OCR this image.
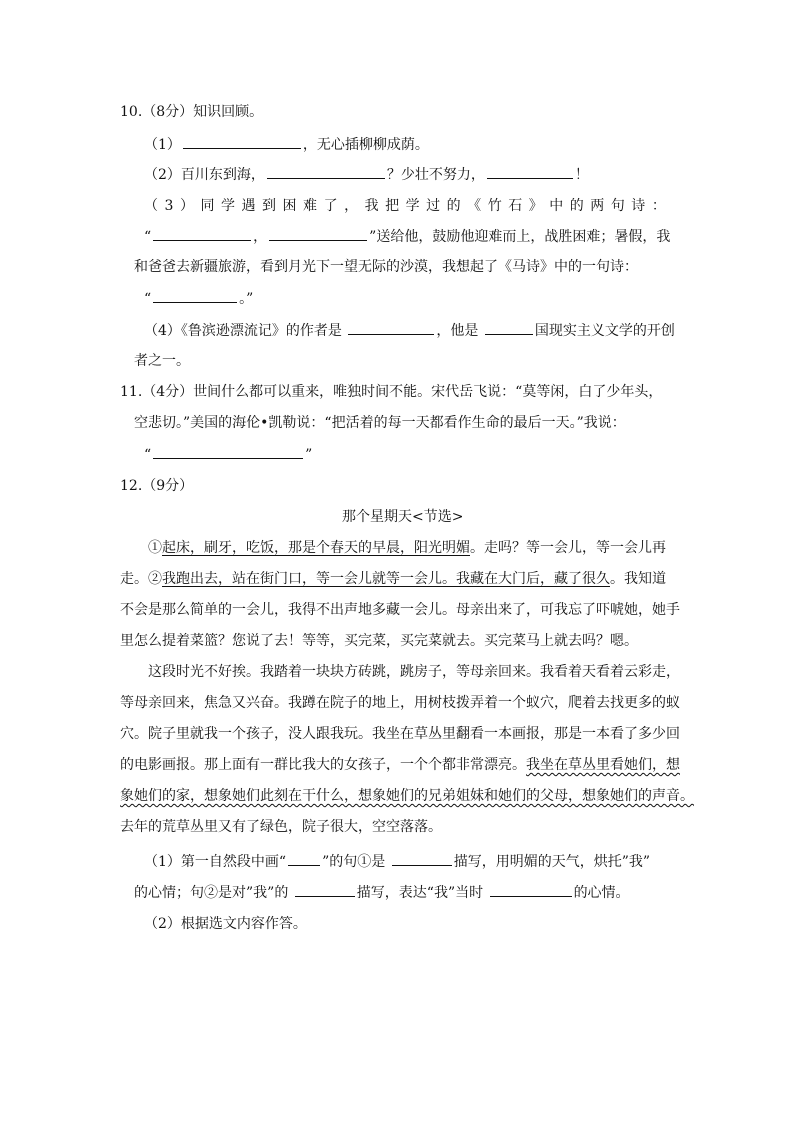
10.（8分）知识回顾。
（1）	，无心插柳柳成荫。
（2）百川东到海，	？少壮不努力，	！
（ 3 ） 同 学 遇 到 困 难 了 ， 我 把 学 过 的 《 竹 石 》 中 的 两 句 诗 ：
“	，	”送给他，鼓励他迎难而上，战胜困难；暑假，我
和爸爸去新疆旅游，看到月光下一望无际的沙漠，我想起了《马诗》中的一句诗：
“	。”
（4）《鲁滨逊漂流记》的作者是	，他是	国现实主义文学的开创
者之一。
11.（4分）世间什么都可以重来，唯独时间不能。宋代岳飞说：“莫等闲，白了少年头，
空悲切。”美国的海伦•凯勒说：“把活着的每一天都看作生命的最后一天。”我说：
“	”
12.（9分）
那个星期天<节选>
①起床，刷牙，吃饭，那是个春天的早晨，阳光明媚。走吗？等一会儿，等一会儿再
走。②我跑出去，站在街门口，等一会儿就等一会儿。我藏在大门后，藏了很久。我知道
不会是那么简单的一会儿，我得不出声地多藏一会儿。母亲出来了，可我忘了吓唬她，她手
里怎么提着菜篮？您说了去！等等，买完菜，买完菜就去。买完菜马上就去吗？嗯。
这段时光不好挨。我踏着一块块方砖跳，跳房子，等母亲回来。我看着天看着云彩走，
等母亲回来，焦急又兴奋。我蹲在院子的地上，用树枝拨弄着一个蚁穴，爬着去找更多的蚁
穴。院子里就我一个孩子，没人跟我玩。我坐在草丛里翻看一本画报，那是一本看了多少回
的电影画报。那上面有一群比我大的女孩子，一个个都非常漂亮。我坐在草丛里看她们，想
象她们的家，想象她们此刻在干什么，想象她们的兄弟姐妹和她们的父母，想象她们的声音。
去年的荒草丛里又有了绿色，院子很大，空空落落。
（1）第一自然段中画“	”的句①是	描写，用明媚的天气，烘托”我”
的心情；句②是对”我”的	描写，表达“我”当时	的心情。
（2）根据选文内容作答。
